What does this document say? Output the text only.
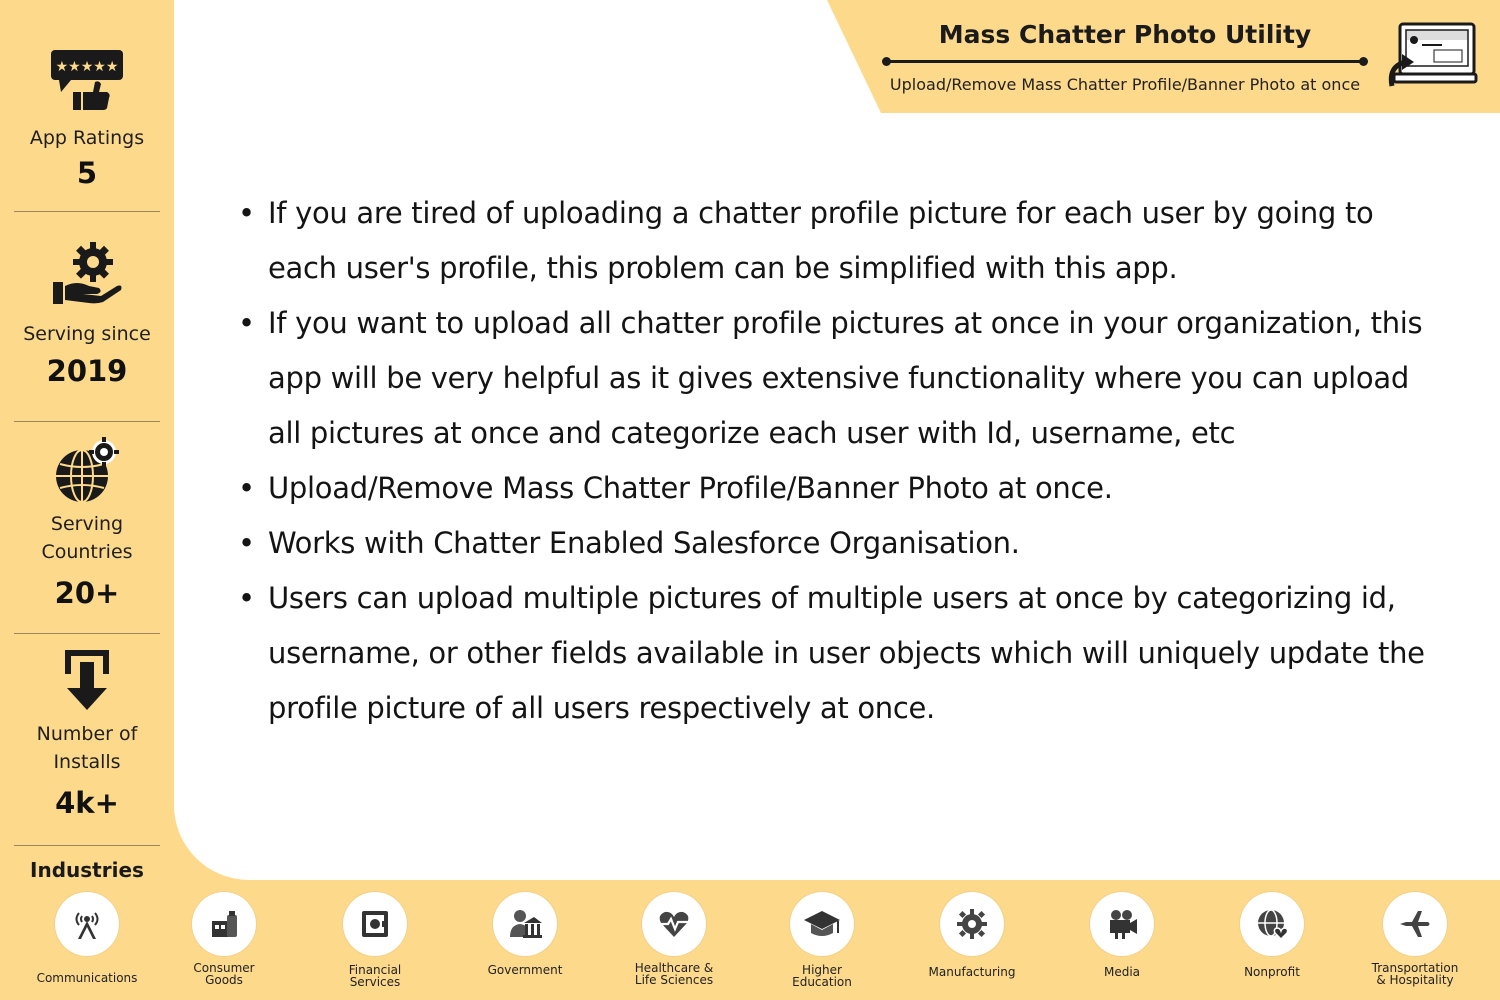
★★★★★
App Ratings
5
Serving since
2019
Serving
Countries
20+
Number of
Installs
4k+
Industries
Mass Chatter Photo Utility
Upload/Remove Mass Chatter Profile/Banner Photo at once
• If you are tired of uploading a chatter profile picture for each user by going to each user's profile, this problem can be simplified with this app.
• If you want to upload all chatter profile pictures at once in your organization, this app will be very helpful as it gives extensive functionality where you can upload all pictures at once and categorize each user with Id, username, etc
• Upload/Remove Mass Chatter Profile/Banner Photo at once.
• Works with Chatter Enabled Salesforce Organisation.
• Users can upload multiple pictures of multiple users at once by categorizing id, username, or other fields available in user objects which will uniquely update the profile picture of all users respectively at once.
Communications
Consumer
Goods
Financial
Services
Government	Healthcare &
Life Sciences
Higher
Education
Manufacturing	Media	Nonprofit	Transportation
& Hospitality
